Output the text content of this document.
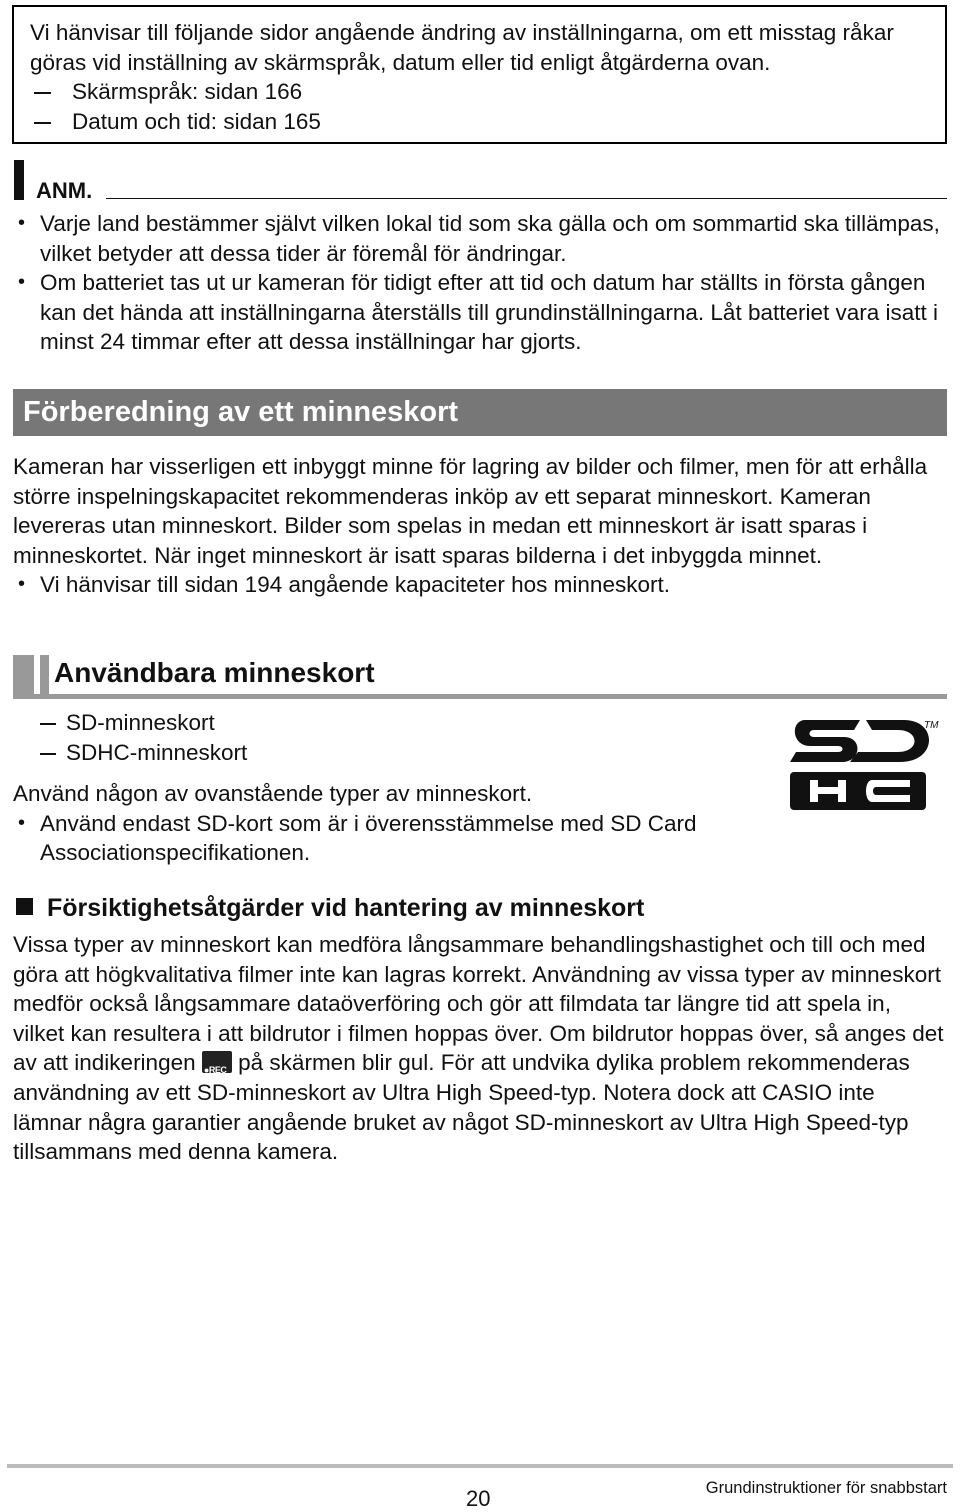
Vi hänvisar till följande sidor angående ändring av inställningarna, om ett misstag råkar göras vid inställning av skärmspråk, datum eller tid enligt åtgärderna ovan.
Skärmspråk: sidan 166
Datum och tid: sidan 165
ANM.
• Varje land bestämmer självt vilken lokal tid som ska gälla och om sommartid ska tillämpas, vilket betyder att dessa tider är föremål för ändringar.
• Om batteriet tas ut ur kameran för tidigt efter att tid och datum har ställts in första gången kan det hända att inställningarna återställs till grundinställningarna. Låt batteriet vara isatt i minst 24 timmar efter att dessa inställningar har gjorts.
Förberedning av ett minneskort
Kameran har visserligen ett inbyggt minne för lagring av bilder och filmer, men för att erhålla större inspelningskapacitet rekommenderas inköp av ett separat minneskort. Kameran levereras utan minneskort. Bilder som spelas in medan ett minneskort är isatt sparas i minneskortet. När inget minneskort är isatt sparas bilderna i det inbyggda minnet.
• Vi hänvisar till sidan 194 angående kapaciteter hos minneskort.
Användbara minneskort
SD-minneskort
SDHC-minneskort
Använd någon av ovanstående typer av minneskort.
• Använd endast SD-kort som är i överensstämmelse med SD Card Associationspecifikationen.
TM
Försiktighetsåtgärder vid hantering av minneskort
Vissa typer av minneskort kan medföra långsammare behandlingshastighet och till och med göra att högkvalitativa filmer inte kan lagras korrekt. Användning av vissa typer av minneskort medför också långsammare dataöverföring och gör att filmdata tar längre tid att spela in, vilket kan resultera i att bildrutor i filmen hoppas över. Om bildrutor hoppas över, så anges det av att indikeringen ●REC på skärmen blir gul. För att undvika dylika problem rekommenderas användning av ett SD-minneskort av Ultra High Speed-typ. Notera dock att CASIO inte lämnar några garantier angående bruket av något SD-minneskort av Ultra High Speed-typ tillsammans med denna kamera.
20	Grundinstruktioner för snabbstart
